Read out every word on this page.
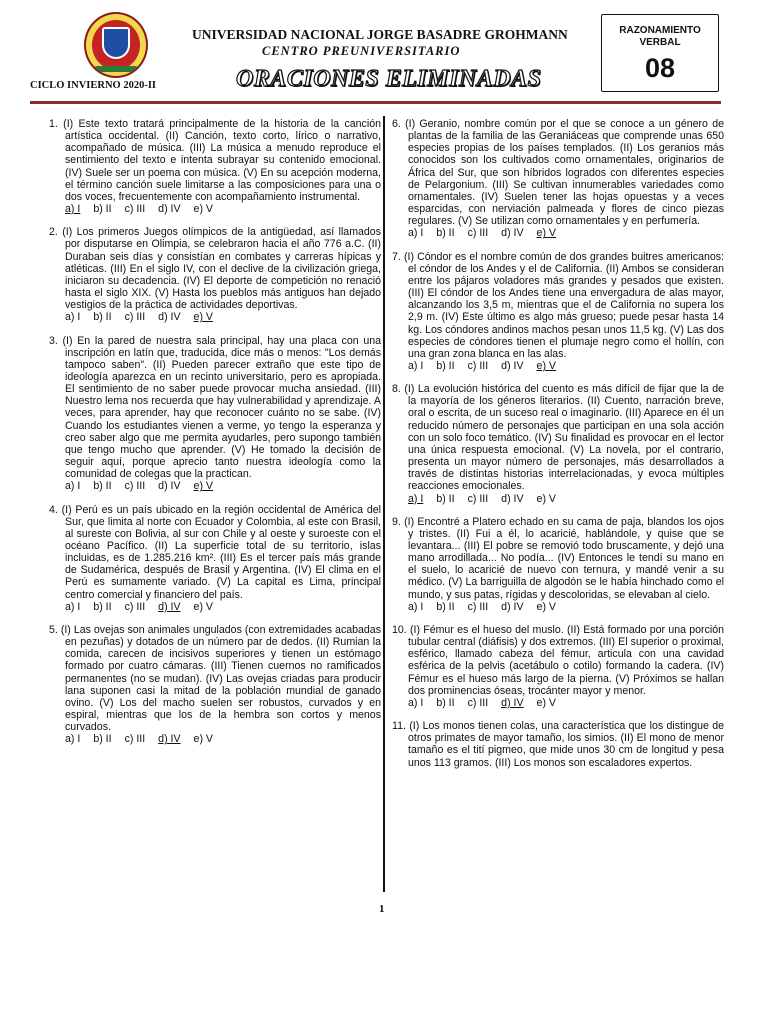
UNIVERSIDAD NACIONAL JORGE BASADRE GROHMANN
CENTRO PREUNIVERSITARIO
CICLO INVIERNO 2020-II	ORACIONES ELIMINADAS
RAZONAMIENTO
VERBAL
08
1. (I) Este texto tratará principalmente de la historia de la canción artística occidental. (II) Canción, texto corto, lírico o narrativo, acompañado de música. (III) La música a menudo reproduce el sentimiento del texto e intenta subrayar su contenido emocional. (IV) Suele ser un poema con música. (V) En su acepción moderna, el término canción suele limitarse a las composiciones para una o dos voces, frecuentemente con acompañamiento instrumental.
a) I b) II c) III d) IV e) V
2. (I) Los primeros Juegos olímpicos de la antigüedad, así llamados por disputarse en Olimpia, se celebraron hacia el año 776 a.C. (II) Duraban seis días y consistían en combates y carreras hípicas y atléticas. (III) En el siglo IV, con el declive de la civilización griega, iniciaron su decadencia. (IV) El deporte de competición no renació hasta el siglo XIX. (V) Hasta los pueblos más antiguos han dejado vestigios de la práctica de actividades deportivas.
a) I b) II c) III d) IV e) V
3. (I) En la pared de nuestra sala principal, hay una placa con una inscripción en latín que, traducida, dice más o menos: "Los demás tampoco saben". (II) Pueden parecer extraño que este tipo de ideología aparezca en un recinto universitario, pero es apropiada. El sentimiento de no saber puede provocar mucha ansiedad. (III) Nuestro lema nos recuerda que hay vulnerabilidad y aprendizaje. A veces, para aprender, hay que reconocer cuánto no se sabe. (IV) Cuando los estudiantes vienen a verme, yo tengo la esperanza y creo saber algo que me permita ayudarles, pero supongo también que tengo mucho que aprender. (V) He tomado la decisión de seguir aquí, porque aprecio tanto nuestra ideología como la comunidad de colegas que la practican.
a) I b) II c) III d) IV e) V
4. (I) Perú es un país ubicado en la región occidental de América del Sur, que limita al norte con Ecuador y Colombia, al este con Brasil, al sureste con Bolivia, al sur con Chile y al oeste y suroeste con el océano Pacífico. (II) La superficie total de su territorio, islas incluidas, es de 1.285.216 km². (III) Es el tercer país más grande de Sudamérica, después de Brasil y Argentina. (IV) El clima en el Perú es sumamente variado. (V) La capital es Lima, principal centro comercial y financiero del país.
a) I b) II c) III d) IV e) V
5. (I) Las ovejas son animales ungulados (con extremidades acabadas en pezuñas) y dotados de un número par de dedos. (II) Rumian la comida, carecen de incisivos superiores y tienen un estómago formado por cuatro cámaras. (III) Tienen cuernos no ramificados permanentes (no se mudan). (IV) Las ovejas criadas para producir lana suponen casi la mitad de la población mundial de ganado ovino. (V) Los del macho suelen ser robustos, curvados y en espiral, mientras que los de la hembra son cortos y menos curvados.
a) I b) II c) III d) IV e) V
6. (I) Geranio, nombre común por el que se conoce a un género de plantas de la familia de las Geraniáceas que comprende unas 650 especies propias de los países templados. (II) Los geranios más conocidos son los cultivados como ornamentales, originarios de África del Sur, que son híbridos logrados con diferentes especies de Pelargonium. (III) Se cultivan innumerables variedades como ornamentales. (IV) Suelen tener las hojas opuestas y a veces esparcidas, con nerviación palmeada y flores de cinco piezas regulares. (V) Se utilizan como ornamentales y en perfumería.
a) I b) II c) III d) IV e) V
7. (I) Cóndor es el nombre común de dos grandes buitres americanos: el cóndor de los Andes y el de California. (II) Ambos se consideran entre los pájaros voladores más grandes y pesados que existen. (III) El cóndor de los Andes tiene una envergadura de alas mayor, alcanzando los 3,5 m, mientras que el de California no supera los 2,9 m. (IV) Este último es algo más grueso; puede pesar hasta 14 kg. Los cóndores andinos machos pesan unos 11,5 kg. (V) Las dos especies de cóndores tienen el plumaje negro como el hollín, con una gran zona blanca en las alas.
a) I b) II c) III d) IV e) V
8. (I) La evolución histórica del cuento es más difícil de fijar que la de la mayoría de los géneros literarios. (II) Cuento, narración breve, oral o escrita, de un suceso real o imaginario. (III) Aparece en él un reducido número de personajes que participan en una sola acción con un solo foco temático. (IV) Su finalidad es provocar en el lector una única respuesta emocional. (V) La novela, por el contrario, presenta un mayor número de personajes, más desarrollados a través de distintas historias interrelacionadas, y evoca múltiples reacciones emocionales.
a) I b) II c) III d) IV e) V
9. (I) Encontré a Platero echado en su cama de paja, blandos los ojos y tristes. (II) Fui a él, lo acaricié, hablándole, y quise que se levantara... (III) El pobre se removió todo bruscamente, y dejó una mano arrodillada... No podía... (IV) Entonces le tendí su mano en el suelo, lo acaricié de nuevo con ternura, y mandé venir a su médico. (V) La barriguilla de algodón se le había hinchado como el mundo, y sus patas, rígidas y descoloridas, se elevaban al cielo.
a) I b) II c) III d) IV e) V
10. (I) Fémur es el hueso del muslo. (II) Está formado por una porción tubular central (diáfisis) y dos extremos. (III) El superior o proximal, esférico, llamado cabeza del fémur, articula con una cavidad esférica de la pelvis (acetábulo o cotilo) formando la cadera. (IV) Fémur es el hueso más largo de la pierna. (V) Próximos se hallan dos prominencias óseas, trocánter mayor y menor.
a) I b) II c) III d) IV e) V
11. (I) Los monos tienen colas, una característica que los distingue de otros primates de mayor tamaño, los simios. (II) El mono de menor tamaño es el tití pigmeo, que mide unos 30 cm de longitud y pesa unos 113 gramos. (III) Los monos son escaladores expertos.
1
